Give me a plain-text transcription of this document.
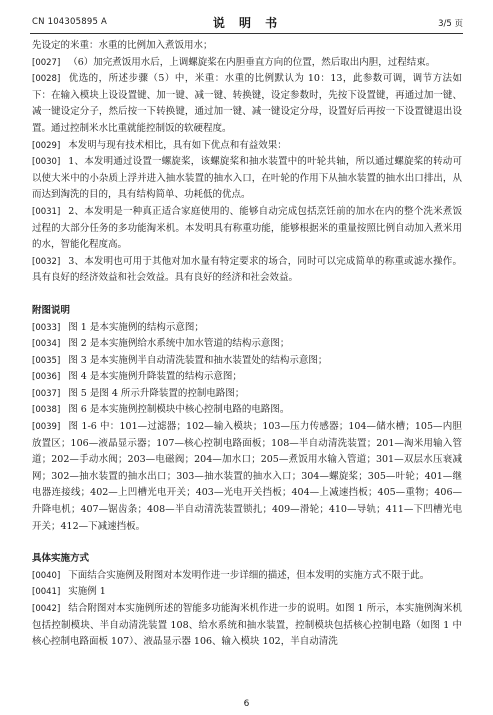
CN 104305895 A	说 明 书	3/5 页

先设定的米重：水重的比例加入煮饭用水；

[0027] （6）加完煮饭用水后，上调螺旋桨在内胆垂直方向的位置，然后取出内胆，过程结束。

[0028] 优选的，所述步骤（5）中，米重：水重的比例默认为 10：13，此参数可调，调节方法如下：在输入模块上设设置键、加一键、减一键、转换键，设定参数时，先按下设置键，再通过加一键、减一键设定分子，然后按一下转换键，通过加一键、减一键设定分母，设置好后再按一下设置键退出设置。通过控制米水比重就能控制饭的软硬程度。

[0029] 本发明与现有技术相比，具有如下优点和有益效果：

[0030] 1、本发明通过设置一螺旋桨，该螺旋桨和抽水装置中的叶轮共轴，所以通过螺旋桨的转动可以使大米中的小杂质上浮并进入抽水装置的抽水入口，在叶轮的作用下从抽水装置的抽水出口排出，从而达到淘洗的目的，具有结构简单、功耗低的优点。

[0031] 2、本发明是一种真正适合家庭使用的、能够自动完成包括烹饪前的加水在内的整个洗米煮饭过程的大部分任务的多功能淘米机。本发明具有称重功能，能够根据米的重量按照比例自动加入煮米用的水，智能化程度高。

[0032] 3、本发明也可用于其他对加水量有特定要求的场合，同时可以完成简单的称重或滤水操作。具有良好的经济效益和社会效益。具有良好的经济和社会效益。

附图说明

[0033] 图 1 是本实施例的结构示意图；

[0034] 图 2 是本实施例给水系统中加水管道的结构示意图；

[0035] 图 3 是本实施例半自动清洗装置和抽水装置处的结构示意图；

[0036] 图 4 是本实施例升降装置的结构示意图；

[0037] 图 5 是图 4 所示升降装置的控制电路图；

[0038] 图 6 是本实施例控制模块中核心控制电路的电路图。

[0039] 图 1-6 中：101—过滤器；102—输入模块；103—压力传感器；104—储水槽；105—内胆放置区；106—液晶显示器；107—核心控制电路面板；108—半自动清洗装置；201—淘米用输入管道；202—手动水阀；203—电磁阀；204—加水口；205—煮饭用水输入管道；301—双层水压衰减网；302—抽水装置的抽水出口；303—抽水装置的抽水入口；304—螺旋桨；305—叶轮；401—继电器连接线；402—上凹槽光电开关；403—光电开关挡板；404—上减速挡板；405—重物；406—升降电机；407—锯齿条；408—半自动清洗装置锁扎；409—滑轮；410—导轨；411—下凹槽光电开关；412—下减速挡板。

具体实施方式

[0040] 下面结合实施例及附图对本发明作进一步详细的描述，但本发明的实施方式不限于此。

[0041] 实施例 1

[0042] 结合附图对本实施例所述的智能多功能淘米机作进一步的说明。如图 1 所示，本实施例淘米机包括控制模块、半自动清洗装置 108、给水系统和抽水装置，控制模块包括核心控制电路（如图 1 中核心控制电路面板 107）、液晶显示器 106、输入模块 102，半自动清洗

6
